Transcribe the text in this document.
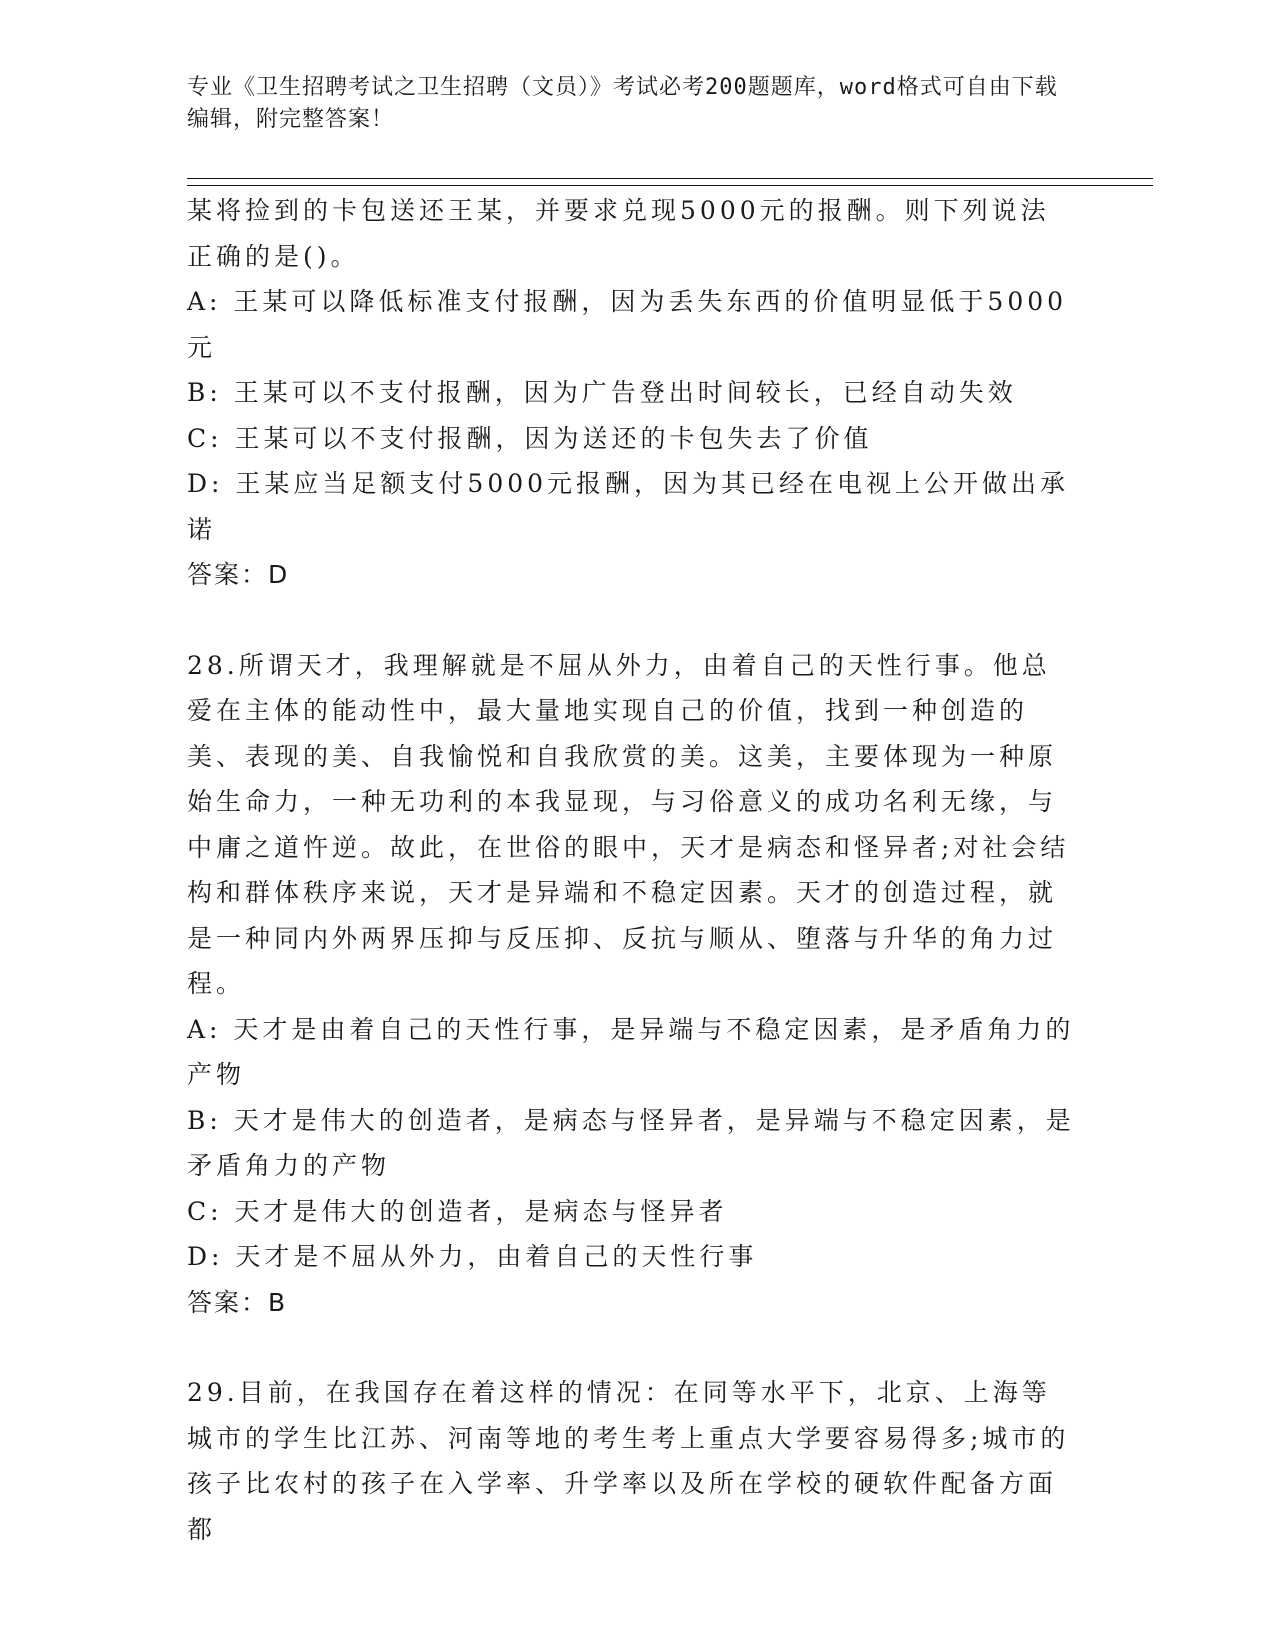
专业《卫生招聘考试之卫生招聘（文员）》考试必考200题题库，word格式可自由下载编辑，附完整答案！

某将捡到的卡包送还王某，并要求兑现5000元的报酬。则下列说法正确的是()。

A: 王某可以降低标准支付报酬，因为丢失东西的价值明显低于5000元

B: 王某可以不支付报酬，因为广告登出时间较长，已经自动失效

C: 王某可以不支付报酬，因为送还的卡包失去了价值

D: 王某应当足额支付5000元报酬，因为其已经在电视上公开做出承诺

答案：D

28.所谓天才，我理解就是不屈从外力，由着自己的天性行事。他总爱在主体的能动性中，最大量地实现自己的价值，找到一种创造的美、表现的美、自我愉悦和自我欣赏的美。这美，主要体现为一种原始生命力，一种无功利的本我显现，与习俗意义的成功名利无缘，与中庸之道忤逆。故此，在世俗的眼中，天才是病态和怪异者;对社会结构和群体秩序来说，天才是异端和不稳定因素。天才的创造过程，就是一种同内外两界压抑与反压抑、反抗与顺从、堕落与升华的角力过程。

A: 天才是由着自己的天性行事，是异端与不稳定因素，是矛盾角力的产物

B: 天才是伟大的创造者，是病态与怪异者，是异端与不稳定因素，是矛盾角力的产物

C: 天才是伟大的创造者，是病态与怪异者

D: 天才是不屈从外力，由着自己的天性行事

答案：B

29.目前，在我国存在着这样的情况：在同等水平下，北京、上海等城市的学生比江苏、河南等地的考生考上重点大学要容易得多;城市的孩子比农村的孩子在入学率、升学率以及所在学校的硬软件配备方面都
